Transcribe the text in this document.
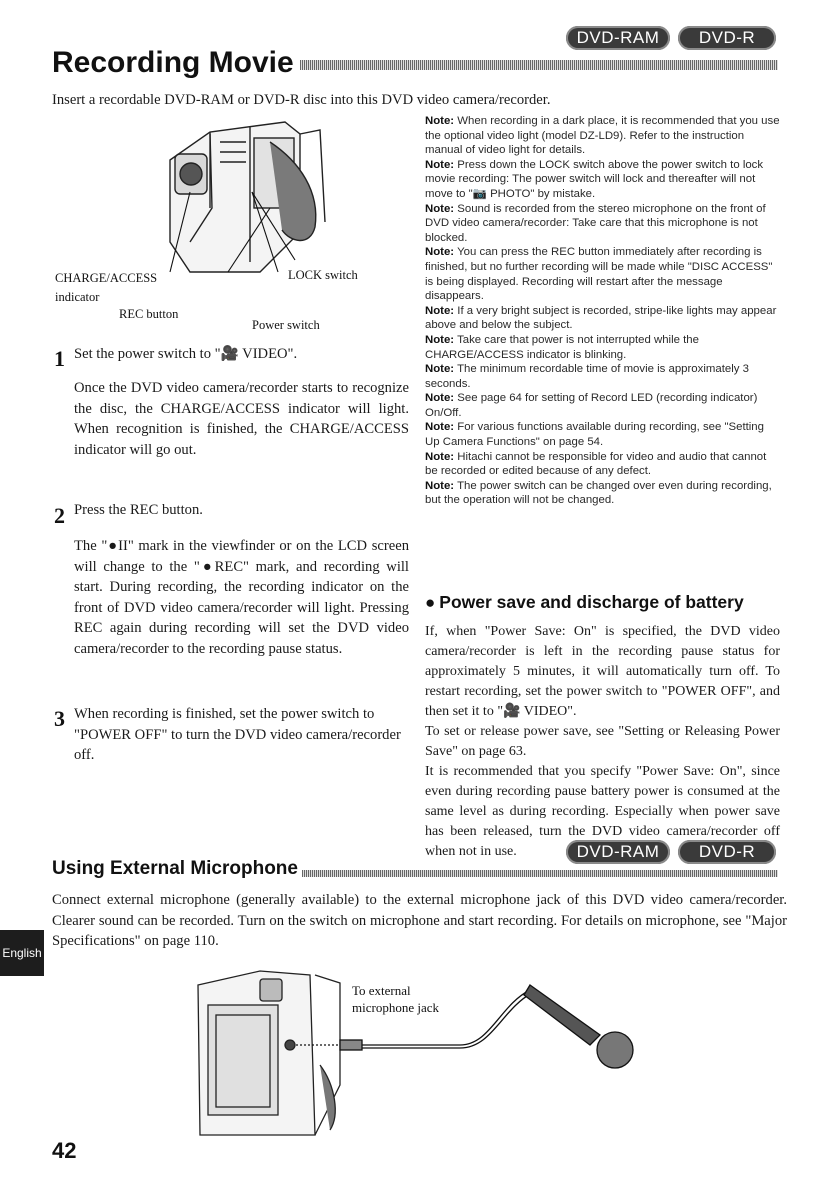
DVD-RAM	DVD-R
Recording Movie
Insert a recordable DVD-RAM or DVD-R disc into this DVD video camera/recorder.
CHARGE/ACCESS
indicator
LOCK switch
REC button
Power switch
1 Set the power switch to "🎥 VIDEO".
Once the DVD video camera/recorder starts to recognize the disc, the CHARGE/ACCESS indicator will light. When recognition is finished, the CHARGE/ACCESS indicator will go out.
2 Press the REC button.
The "●II" mark in the viewfinder or on the LCD screen will change to the "●REC" mark, and recording will start. During recording, the recording indicator on the front of DVD video camera/recorder will light. Pressing REC again during recording will set the DVD video camera/recorder to the recording pause status.
3 When recording is finished, set the power switch to "POWER OFF" to turn the DVD video camera/recorder off.

Note: When recording in a dark place, it is recommended that you use the optional video light (model DZ-LD9). Refer to the instruction manual of video light for details.

Note: Press down the LOCK switch above the power switch to lock movie recording: The power switch will lock and thereafter will not move to "📷 PHOTO" by mistake.

Note: Sound is recorded from the stereo microphone on the front of DVD video camera/recorder: Take care that this microphone is not blocked.

Note: You can press the REC button immediately after recording is finished, but no further recording will be made while "DISC ACCESS" is being displayed. Recording will restart after the message disappears.

Note: If a very bright subject is recorded, stripe-like lights may appear above and below the subject.

Note: Take care that power is not interrupted while the CHARGE/ACCESS indicator is blinking.

Note: The minimum recordable time of movie is approximately 3 seconds.

Note: See page 64 for setting of Record LED (recording indicator) On/Off.

Note: For various functions available during recording, see "Setting Up Camera Functions" on page 54.

Note: Hitachi cannot be responsible for video and audio that cannot be recorded or edited because of any defect.

Note: The power switch can be changed over even during recording, but the operation will not be changed.

● Power save and discharge of battery
If, when "Power Save: On" is specified, the DVD video camera/recorder is left in the recording pause status for approximately 5 minutes, it will automatically turn off. To restart recording, set the power switch to "POWER OFF", and then set it to "🎥 VIDEO".
To set or release power save, see "Setting or Releasing Power Save" on page 63.
It is recommended that you specify "Power Save: On", since even during recording pause battery power is consumed at the same level as during recording. Especially when power save has been released, turn the DVD video camera/recorder off when not in use.	DVD-RAM	DVD-R
Using External Microphone
Connect external microphone (generally available) to the external microphone jack of this DVD video camera/recorder. Clearer sound can be recorded. Turn on the switch on microphone and start recording. For details on microphone, see "Major Specifications" on page 110.
English
To external
microphone jack
42
